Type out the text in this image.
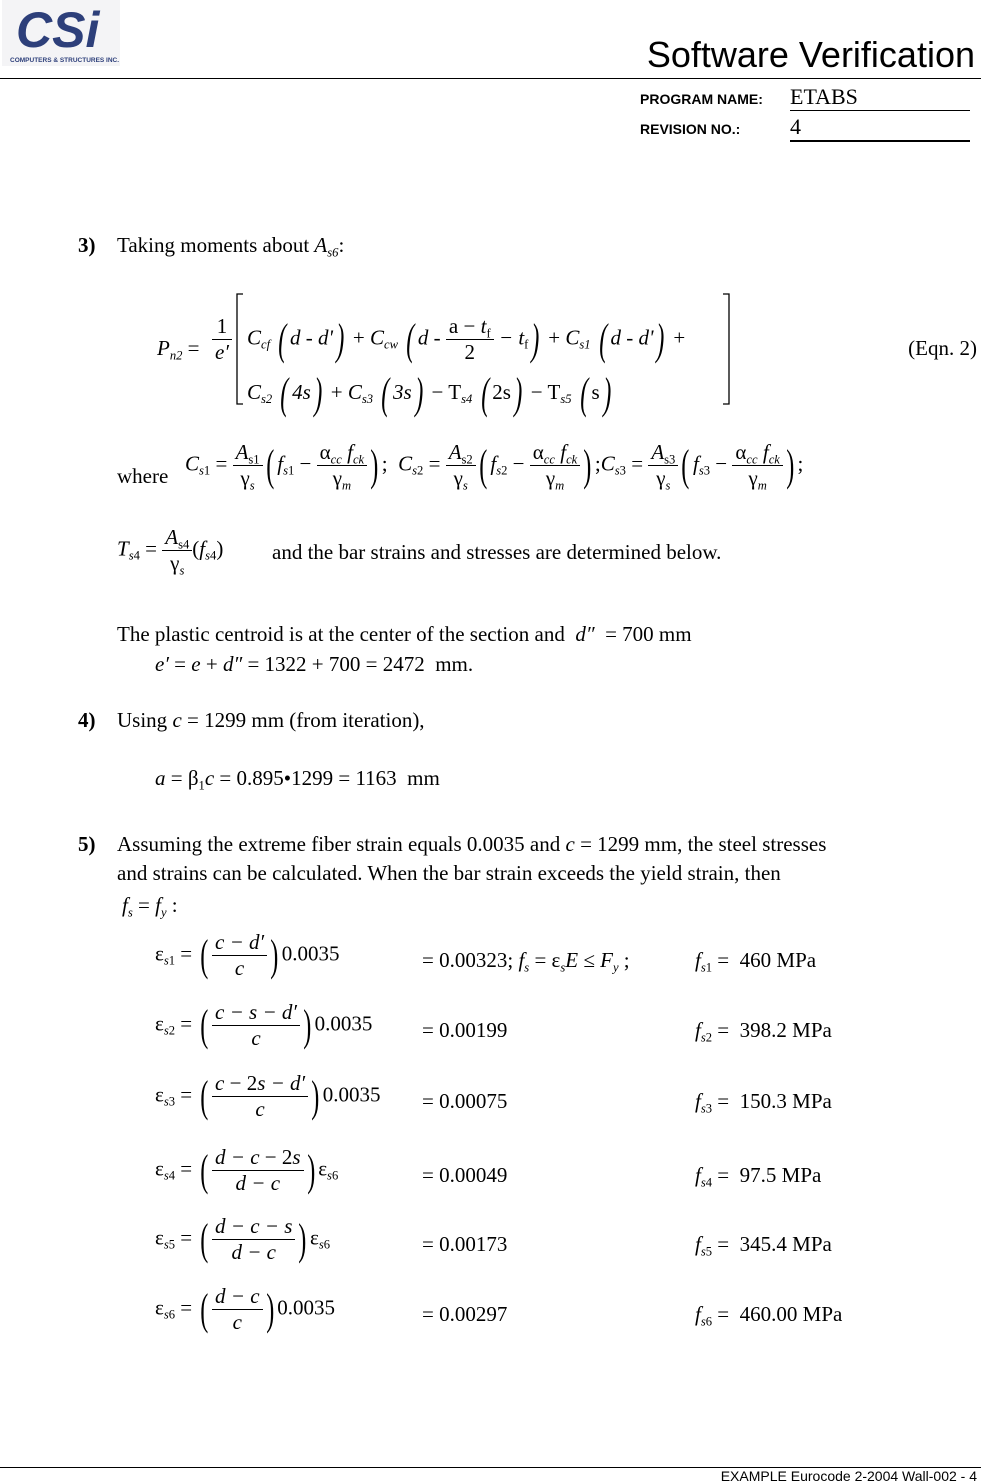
CSi
COMPUTERS & STRUCTURES INC.	Software Verification
PROGRAM NAME: ETABS
REVISION NO.: 4
3) Taking moments about $A_{s6}$:
$P_{n2} = \frac{1}{e'} C_{cf}$ ( $d - d') + C_{cw}$ ( $d - \frac{a - t_f}{2} - t_f) + C_{s1}$ ( d - d') +
$C_{s2}$ ( $4s) + C_{s3}$ ( $3s) - T_{s4}$ ( $2s) - T_{s5}$ ( s)
(Eqn. 2)
where
$C_{s1} = \frac{A_{s1}}{\gamma_s}$ ( $f_{s1} - \frac{\alpha_{cc} f_{ck}}{\gamma_m}$ ) ;  $C_{s2} = \frac{A_{s2}}{\gamma_s}$ ( $f_{s2} - \frac{\alpha_{cc} f_{ck}}{\gamma_m}$ ) $;C_{s3} = \frac{A_{s3}}{\gamma_s}$ ( $f_{s3} - \frac{\alpha_{cc} f_{ck}}{\gamma_m}$ ) ;
$T_{s4} = \frac{A_{s4}}{\gamma_s} (f_{s4})$ and the bar strains and stresses are determined below.
The plastic centroid is at the center of the section and d″ = 700 mm
e′ = e + d″ = 1322 + 700 = 2472 mm.
4) Using c = 1299 mm (from iteration),
$a = \beta_1c$ = 0.895•1299 = 1163 mm
5) Assuming the extreme fiber strain equals 0.0035 and c = 1299 mm, the steel stresses
and strains can be calculated. When the bar strain exceeds the yield strain, then
$f_s = f_y$ :
$\varepsilon_{s1}$ = ( $\frac{c - d'}{c}$ ) 0.0035	= 0.00323; $f_s = \varepsilon_sE \le F_y$ ;	$f_{s1} = 460$ MPa
$\varepsilon_{s2}$ = ( $\frac{c - s - d'}{c}$ ) 0.0035 = 0.00199	$f_{s2} = 398.2$ MPa
$\varepsilon_{s3}$ = ( $\frac{c - 2s - d'}{c}$ ) 0.0035 = 0.00075	$f_{s3} = 150.3$ MPa
$\varepsilon_{s4}$ = ( $\frac{d - c - 2s}{d - c}$ ) $\varepsilon_{s6}$	= 0.00049	$f_{s4} = 97.5$ MPa
$\varepsilon_{s5}$ = ( $\frac{d - c - s}{d - c}$ ) $\varepsilon_{s6}$	= 0.00173	$f_{s5} = 345.4$ MPa
$\varepsilon_{s6}$ = ( $\frac{d - c}{c}$ ) 0.0035	= 0.00297	$f_{s6} = 460.00$ MPa
EXAMPLE Eurocode 2-2004 Wall-002 - 4
